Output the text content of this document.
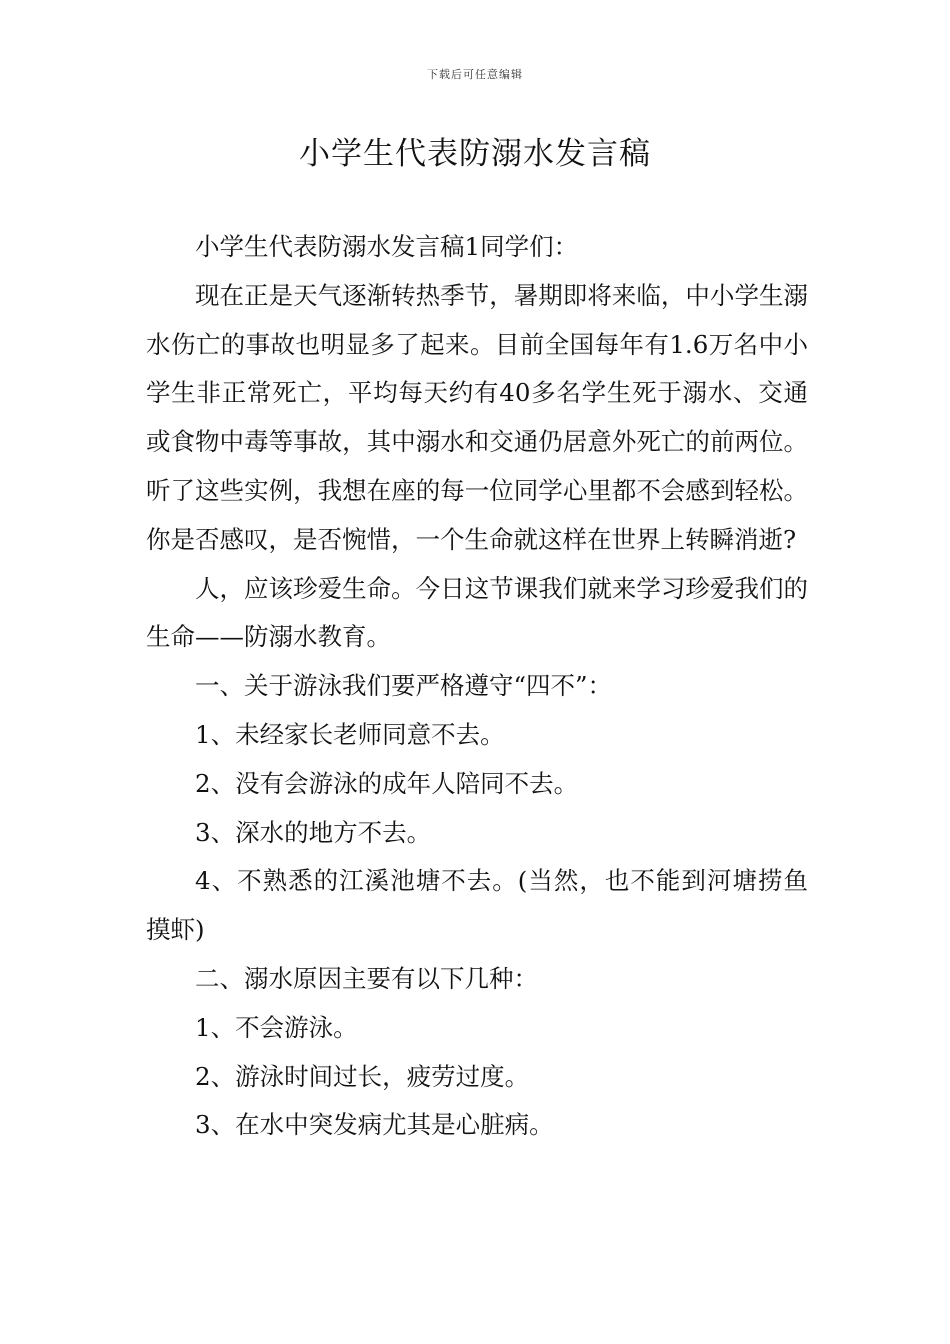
下载后可任意编辑
小学生代表防溺水发言稿

小学生代表防溺水发言稿1同学们：

现在正是天气逐渐转热季节，暑期即将来临，中小学生溺水伤亡的事故也明显多了起来。目前全国每年有1.6万名中小学生非正常死亡，平均每天约有40多名学生死于溺水、交通或食物中毒等事故，其中溺水和交通仍居意外死亡的前两位。听了这些实例，我想在座的每一位同学心里都不会感到轻松。你是否感叹，是否惋惜，一个生命就这样在世界上转瞬消逝?

人，应该珍爱生命。今日这节课我们就来学习珍爱我们的生命——防溺水教育。

一、关于游泳我们要严格遵守“四不”：

1、未经家长老师同意不去。

2、没有会游泳的成年人陪同不去。

3、深水的地方不去。

4、不熟悉的江溪池塘不去。(当然，也不能到河塘捞鱼摸虾)

二、溺水原因主要有以下几种：

1、不会游泳。

2、游泳时间过长，疲劳过度。

3、在水中突发病尤其是心脏病。
